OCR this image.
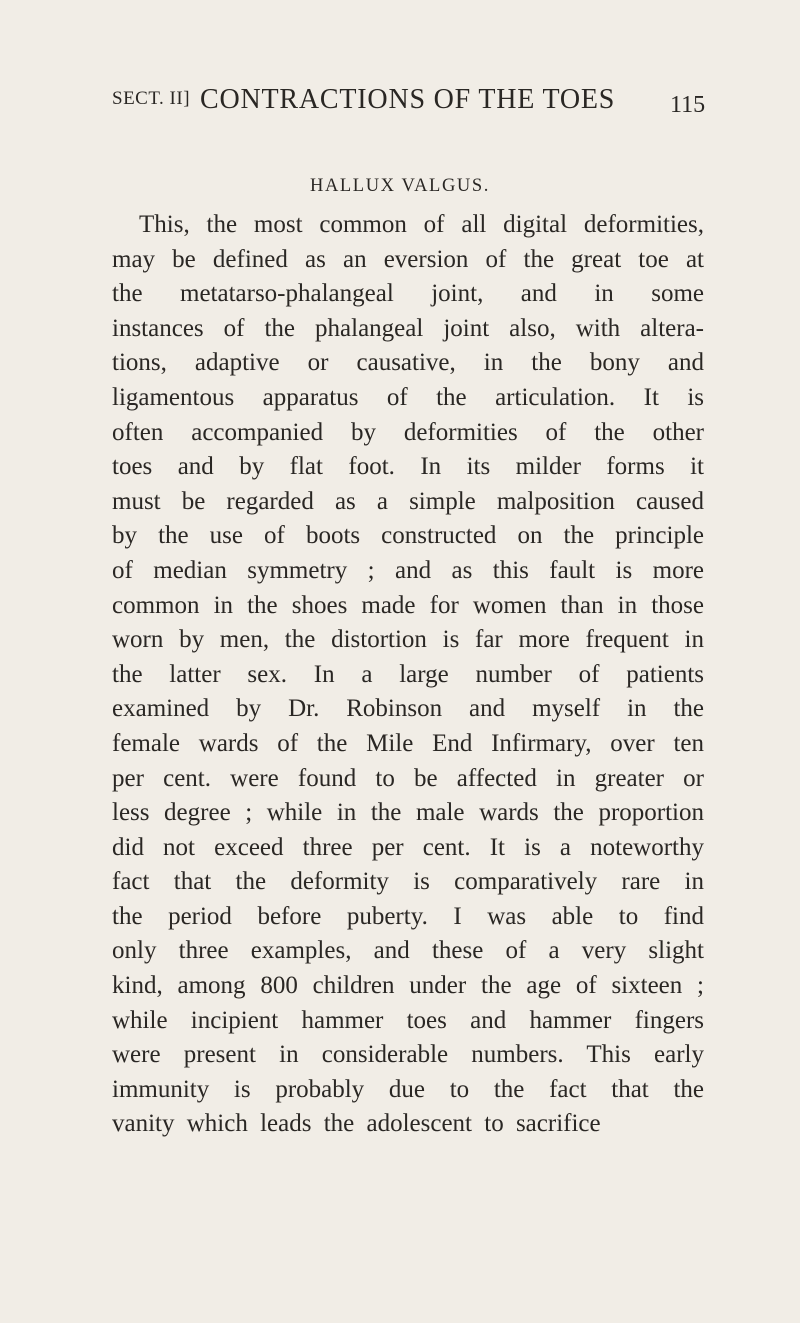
SECT. II] CONTRACTIONS OF THE TOES 115
HALLUX VALGUS.
This, the most common of all digital deformities,
may be defined as an eversion of the great toe at
the metatarso-phalangeal joint, and in some
instances of the phalangeal joint also, with altera-
tions, adaptive or causative, in the bony and
ligamentous apparatus of the articulation. It is
often accompanied by deformities of the other
toes and by flat foot. In its milder forms it
must be regarded as a simple malposition caused
by the use of boots constructed on the principle
of median symmetry ; and as this fault is more
common in the shoes made for women than in those
worn by men, the distortion is far more frequent in
the latter sex. In a large number of patients
examined by Dr. Robinson and myself in the
female wards of the Mile End Infirmary, over ten
per cent. were found to be affected in greater or
less degree ; while in the male wards the proportion
did not exceed three per cent. It is a noteworthy
fact that the deformity is comparatively rare in
the period before puberty. I was able to find
only three examples, and these of a very slight
kind, among 800 children under the age of sixteen ;
while incipient hammer toes and hammer fingers
were present in considerable numbers. This early
immunity is probably due to the fact that the
vanity which leads the adolescent to sacrifice
